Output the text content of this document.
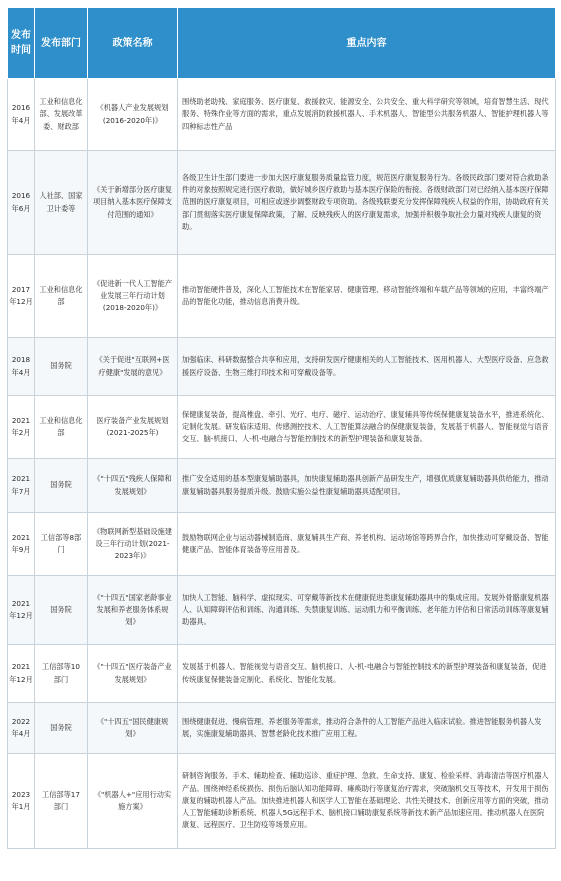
发布
时间	发布部门	政策名称	重点内容
2016年4月	工业和信息化部、发展改革委、财政部	《机器人产业发展规划(2016-2020年)》	围绕助老助残、家庭服务、医疗康复、救援救灾、能源安全、公共安全、重大科学研究等领域，培育智慧生活、现代服务、特殊作业等方面的需求，重点发展消防救援机器人、手术机器人、智能型公共服务机器人、智能护理机器人等四种标志性产品
2016年6月	人社部、国家卫计委等	《关于新增部分医疗康复项目纳入基本医疗保障支付范围的通知》	各级卫生计生部门要进一步加大医疗康复服务质量监管力度，规范医疗康复服务行为。各级民政部门要对符合救助条件的对象按照规定进行医疗救助，做好城乡医疗救助与基本医疗保险的衔接。各级财政部门对已经纳入基本医疗保障范围的医疗康复项目，可相应或逐步调整财政专项资助。各级残联要充分发挥保障残疾人权益的作用，协助政府有关部门贯彻落实医疗康复保障政策，了解、反映残疾人的医疗康复需求，加强并积极争取社会力量对残疾人康复的资助。
2017年12月	工业和信息化部	《促进新一代人工智能产业发展三年行动计划(2018-2020年)》	推动智能硬件普及，深化人工智能技术在智能家居、健康管理、移动智能终端和车载产品等领域的应用，丰富终端产品的智能化功能，推动信息消费升级。
2018年4月	国务院	《关于促进"互联网+医疗健康"发展的意见》	加强临床、科研数据整合共享和应用，支持研发医疗健康相关的人工智能技术、医用机器人、大型医疗设备、应急救援医疗设备、生物三维打印技术和可穿戴设备等。
2021年2月	工业和信息化部	医疗装备产业发展规划(2021-2025年)	保健康复装备，提高椎盘、牵引、光疗、电疗、磁疗、运动治疗、康复辅具等传统保健康复装备水平，推进系统化、定制化发展。研发临床适用、传感测控技术、人工智能算法融合的保健康复装备，发展基于机器人、智能视觉与语音交互、脑-机接口、人-机-电融合与智能控制技术的新型护理装备和康复装备。
2021年7月	国务院	《"十四五"残疾人保障和发展规划》	推广安全适用的基本型康复辅助器具，加快康复辅助器具创新产品研发生产，增强优质康复辅助器具供给能力，推动康复辅助器具服务提质升级。鼓励实施公益性康复辅助器具适配项目。
2021年9月	工信部等8部门	《物联网新型基础设施建设三年行动计划(2021-2023年)》	鼓励物联网企业与运动器械制造商、康复辅具生产商、养老机构、运动场馆等跨界合作，加快推动可穿戴设备、智能健康产品、智能体育装备等应用普及。
2021年12月	国务院	《"十四五"国家老龄事业发展和养老服务体系规划》	加快人工智能、脑科学、虚拟现实、可穿戴等新技术在健康促进类康复辅助器具中的集成应用。发展外骨骼康复机器人、认知障碍评估和训练、沟通训练、失禁康复训练、运动肌力和平衡训练、老年能力评估和日常活动训练等康复辅助器具。
2021年12月	工信部等10部门	《"十四五"医疗装备产业发展规划》	发展基于机器人、智能视觉与语音交互、脑机接口、人-机-电融合与智能控制技术的新型护理装备和康复装备，促进传统康复保健装备定制化、系统化、智能化发展。
2022年4月	国务院	《"十四五"国民健康规划》	围绕健康促进、慢病管理、养老服务等需求，推动符合条件的人工智能产品进入临床试验。推进智能服务机器人发展，实施康复辅助器具、智慧老龄化技术推广应用工程。
2023年1月	工信部等17部门	《"机器人+"应用行动实施方案》	研制咨询服务、手术、辅助检查、辅助巡诊、重症护理、急救、生命支持、康复、检验采样、消毒清洁等医疗机器人产品。围绕神经系统损伤、损伤后脑认知功能障碍、瘫痪助行等康复治疗需求，突破脑机交互等技术，开发用于损伤康复的辅助机器人产品。加快推进机器人和医学人工智能在基础理论、共性关键技术、创新应用等方面的突破，推动人工智能辅助诊断系统、机器人5G远程手术、脑机接口辅助康复系统等新技术新产品加速应用。推动机器人在医院康复、远程医疗、卫生防疫等场景应用。
